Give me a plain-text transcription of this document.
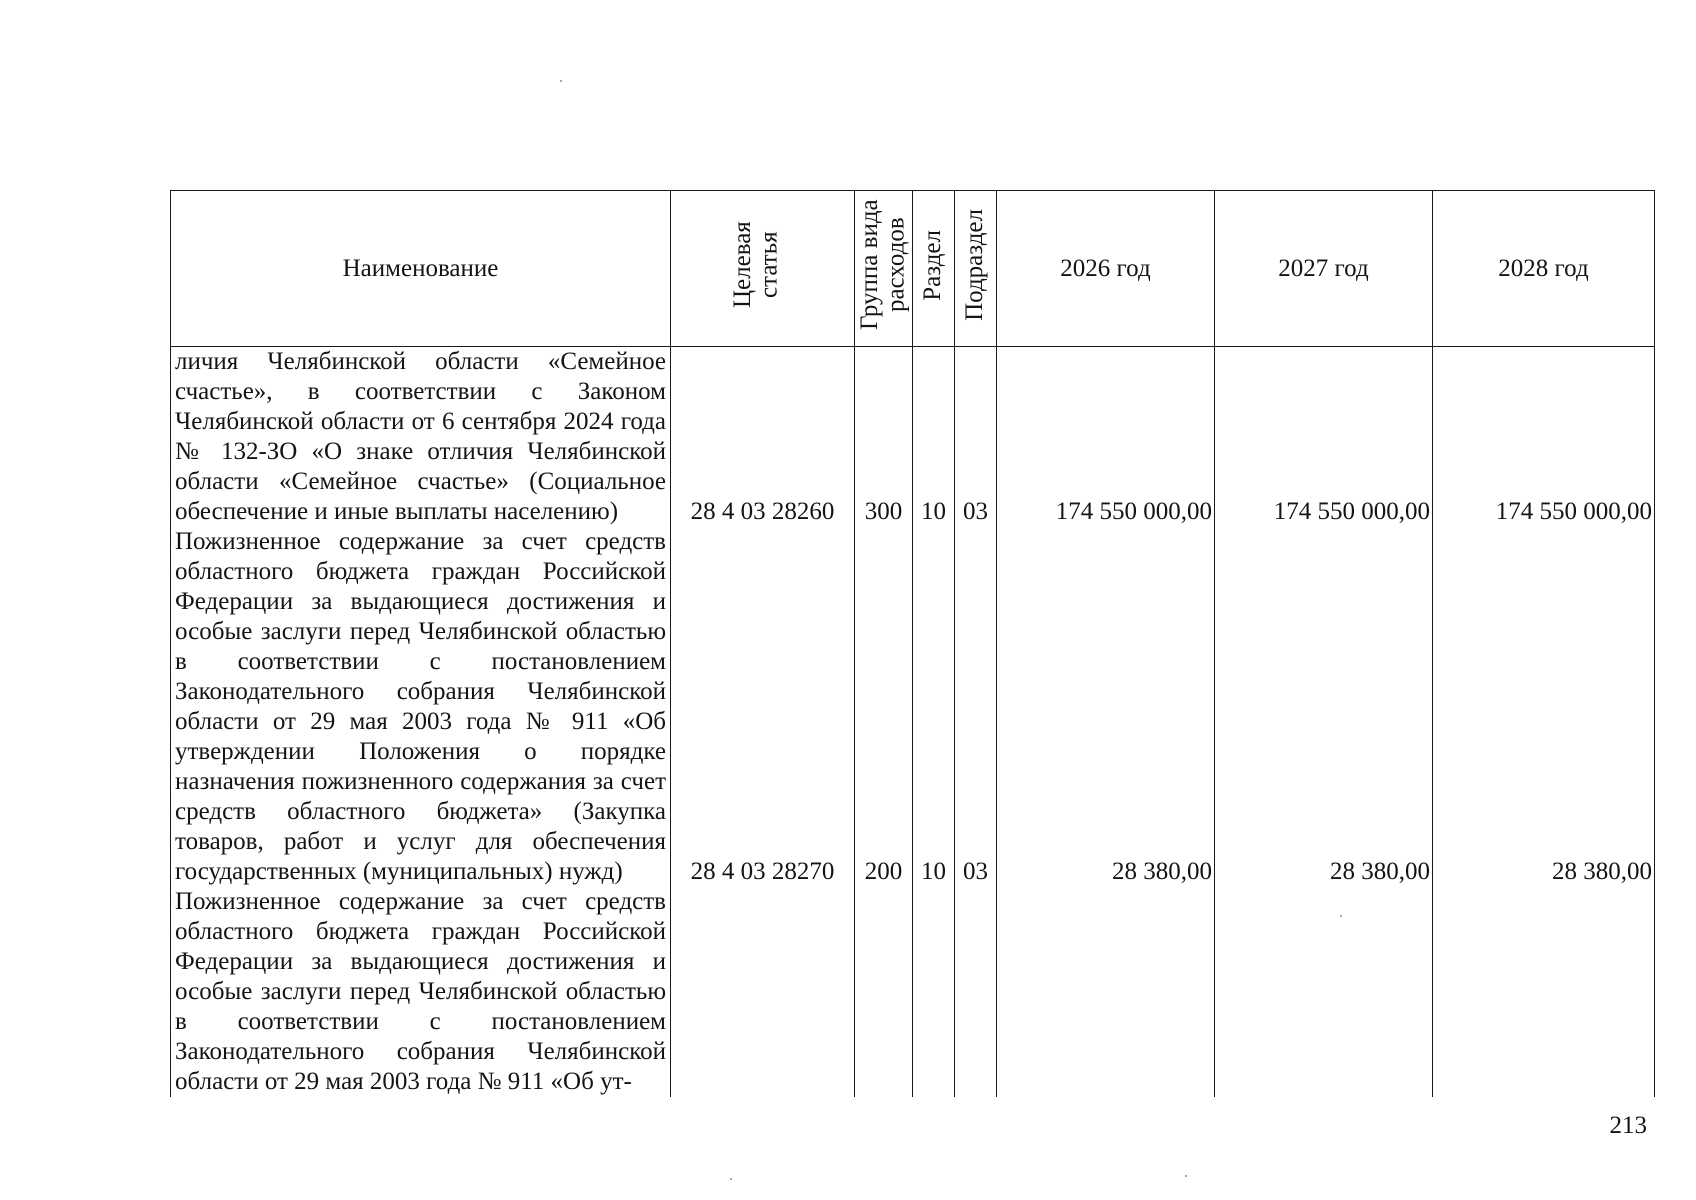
Наименование	Целевая статья	Группа вида расходов	Раздел	Подраздел	2026 год	2027 год	2028 год
личия Челябинской области «Семейное счастье», в соответствии с Законом Челябинской области от 6 сентября 2024 года № 132-ЗО «О знаке отличия Челябинской области «Семейное счастье» (Социальное обеспечение и иные выплаты населению)	28 4 03 28260	300	10	03	174 550 000,00	174 550 000,00	174 550 000,00
Пожизненное содержание за счет средств областного бюджета граждан Российской Федерации за выдающиеся достижения и особые заслуги перед Челябинской областью в соответствии с постановлением Законодательного собрания Челябинской области от 29 мая 2003 года № 911 «Об утверждении Положения о порядке назначения пожизненного содержания за счет средств областного бюджета» (Закупка товаров, работ и услуг для обеспечения государственных (муниципальных) нужд)	28 4 03 28270	200	10	03	28 380,00	28 380,00	28 380,00
Пожизненное содержание за счет средств областного бюджета граждан Российской Федерации за выдающиеся достижения и особые заслуги перед Челябинской областью в соответствии с постановлением Законодательного собрания Челябинской области от 29 мая 2003 года № 911 «Об ут-							
213
